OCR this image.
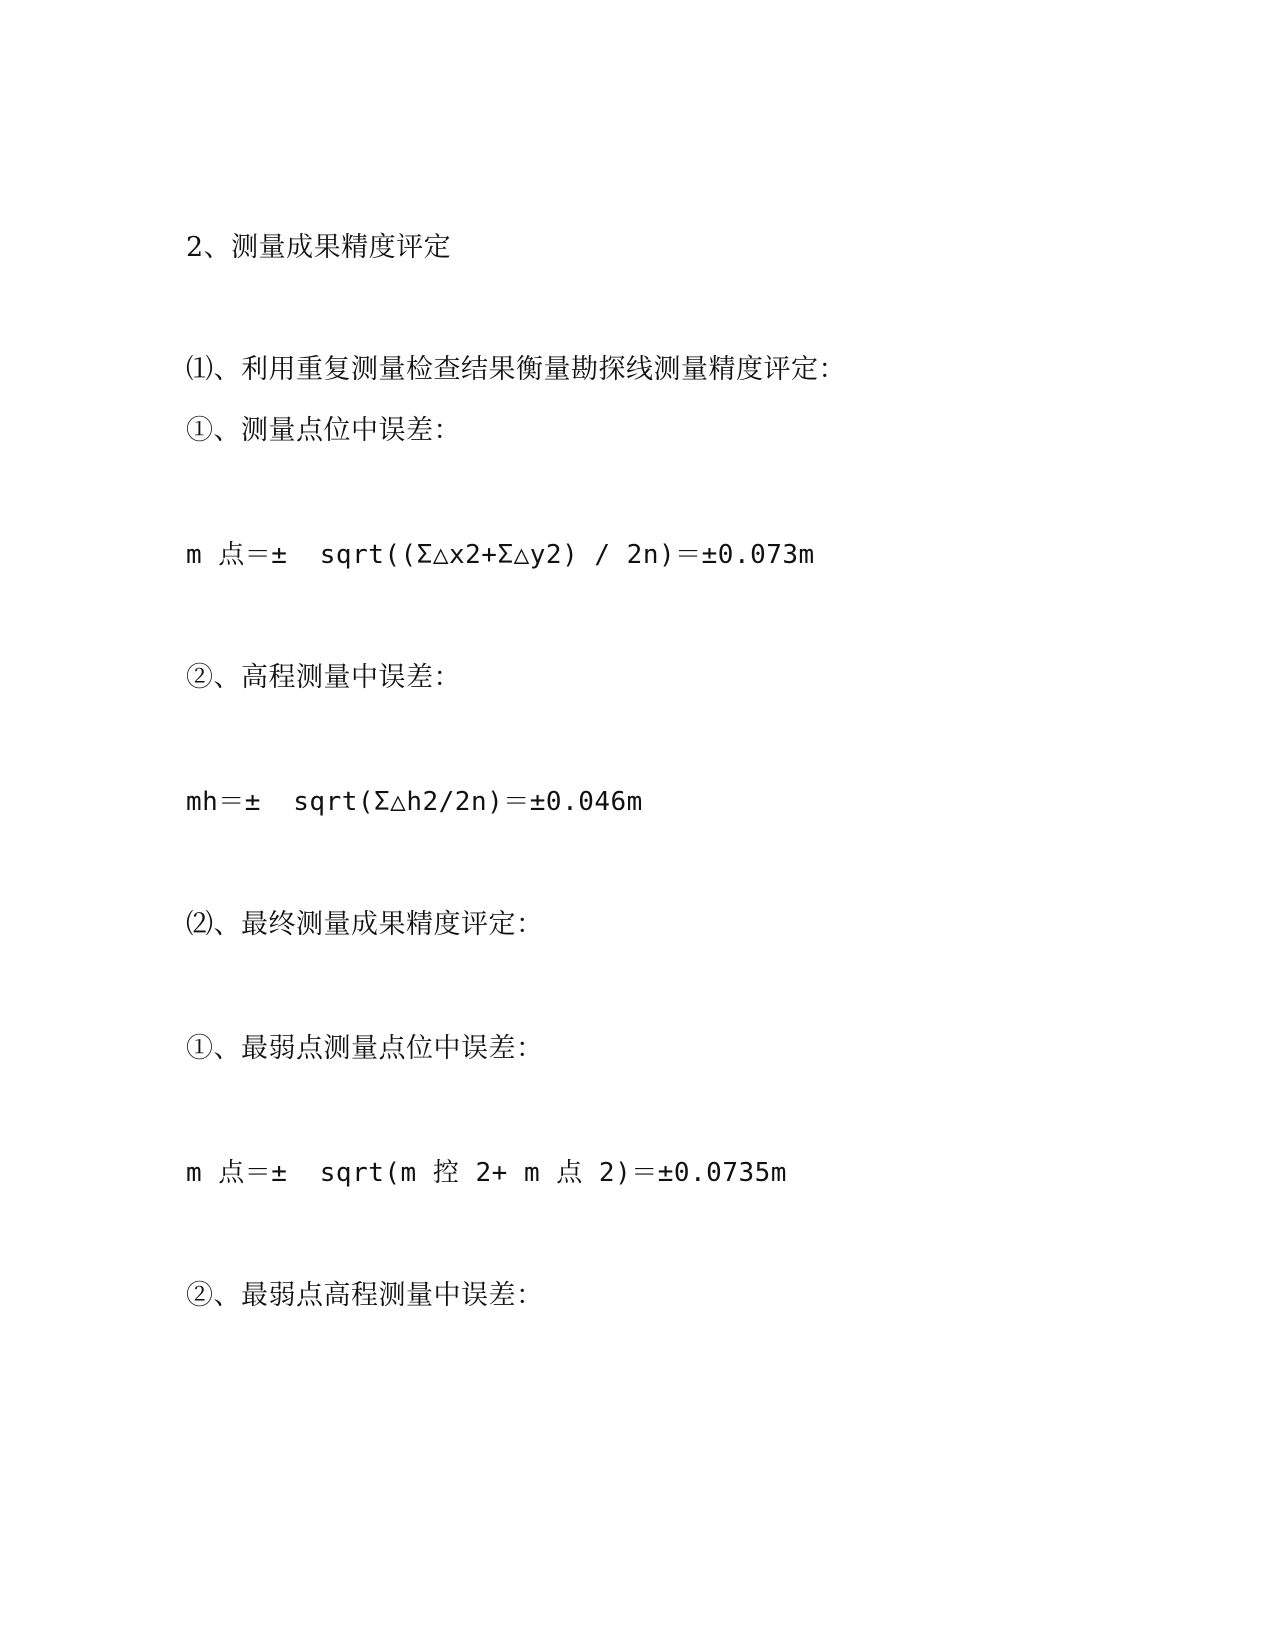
2、测量成果精度评定
⑴、利用重复测量检查结果衡量勘探线测量精度评定：
①、测量点位中误差：
m 点＝±  sqrt((Σ△x2+Σ△y2) / 2n)＝±0.073m
②、高程测量中误差：
mh＝±  sqrt(Σ△h2/2n)＝±0.046m
⑵、最终测量成果精度评定：
①、最弱点测量点位中误差：
m 点＝±  sqrt(m 控 2+ m 点 2)＝±0.0735m
②、最弱点高程测量中误差：
